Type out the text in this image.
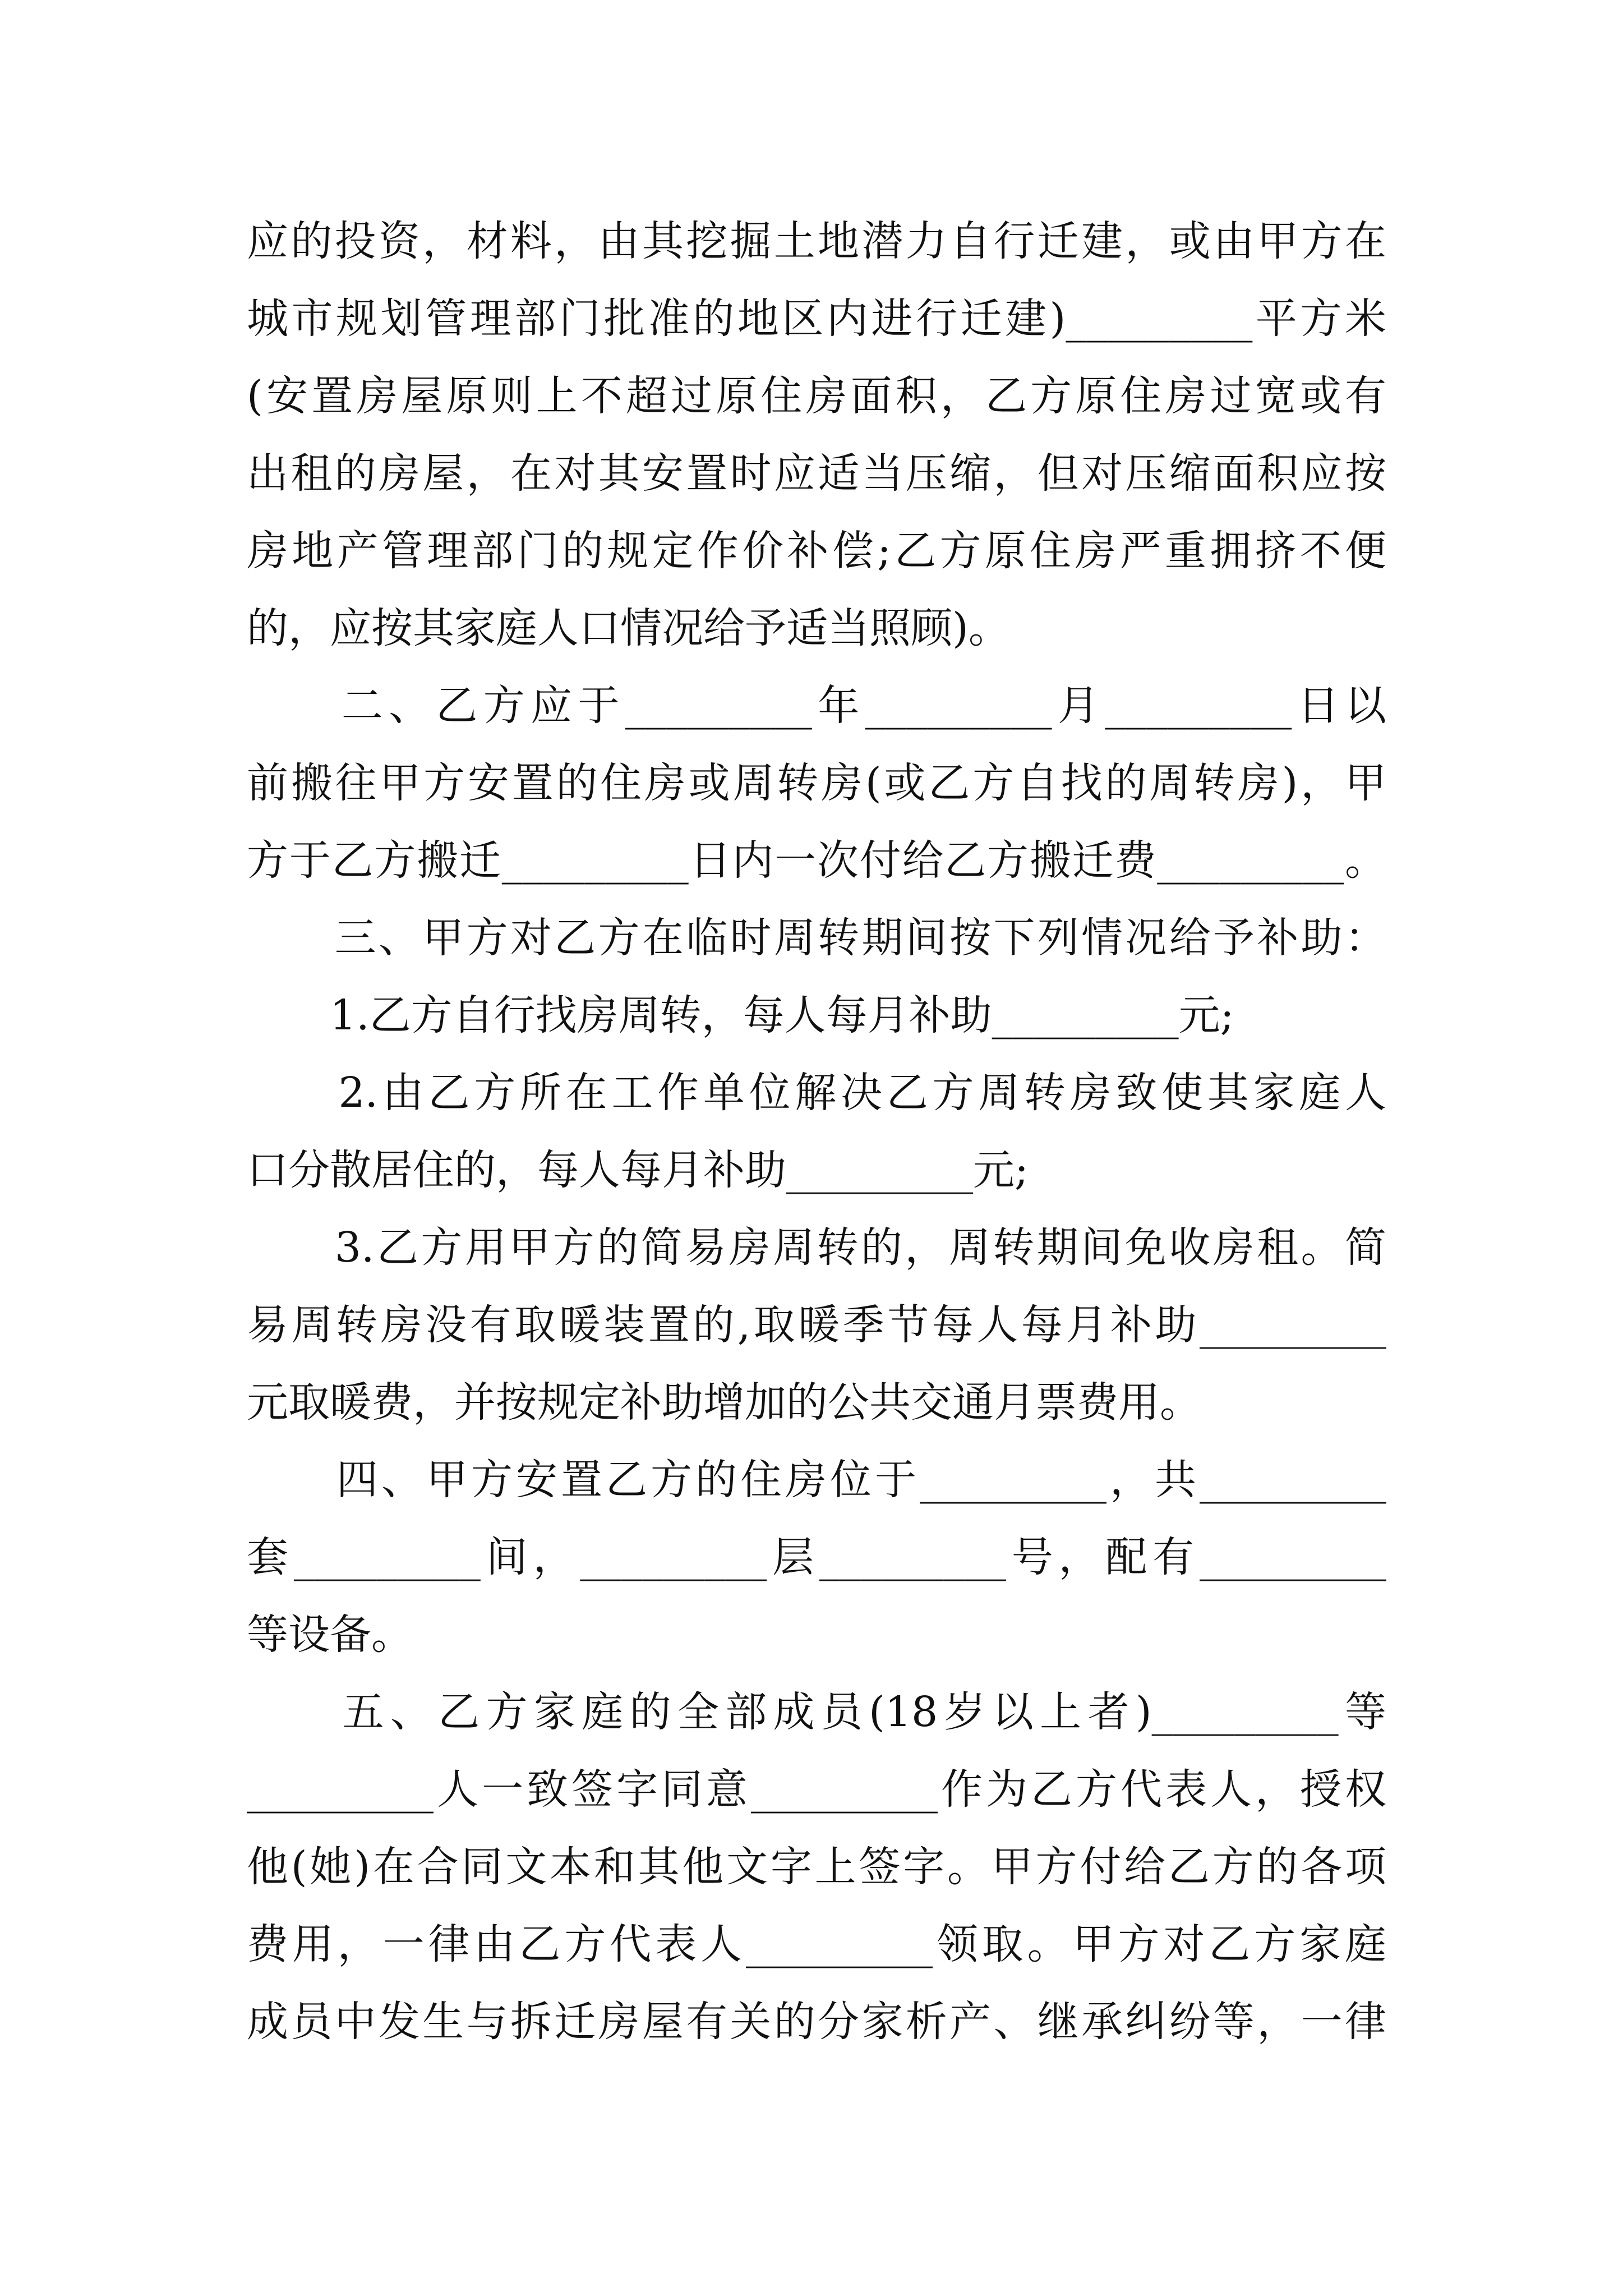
应的投资，材料，由其挖掘土地潜力自行迁建，或由甲方在
城市规划管理部门批准的地区内进行迁建)_________平方米
(安置房屋原则上不超过原住房面积，乙方原住房过宽或有
出租的房屋，在对其安置时应适当压缩，但对压缩面积应按
房地产管理部门的规定作价补偿;乙方原住房严重拥挤不便
的，应按其家庭人口情况给予适当照顾)。
　　二、乙方应于_________年_________月_________日以
前搬往甲方安置的住房或周转房(或乙方自找的周转房)，甲
方于乙方搬迁_________日内一次付给乙方搬迁费_________。
　　三、甲方对乙方在临时周转期间按下列情况给予补助：
　　1.乙方自行找房周转，每人每月补助_________元;
　　2.由乙方所在工作单位解决乙方周转房致使其家庭人
口分散居住的，每人每月补助_________元;
　　3.乙方用甲方的简易房周转的，周转期间免收房租。简
易周转房没有取暖装置的,取暖季节每人每月补助_________
元取暖费，并按规定补助增加的公共交通月票费用。
　　四、甲方安置乙方的住房位于_________，共_________
套_________间，_________层_________号，配有_________
等设备。
　　五、乙方家庭的全部成员(18岁以上者)_________等
_________人一致签字同意_________作为乙方代表人，授权
他(她)在合同文本和其他文字上签字。甲方付给乙方的各项
费用，一律由乙方代表人_________领取。甲方对乙方家庭
成员中发生与拆迁房屋有关的分家析产、继承纠纷等，一律
